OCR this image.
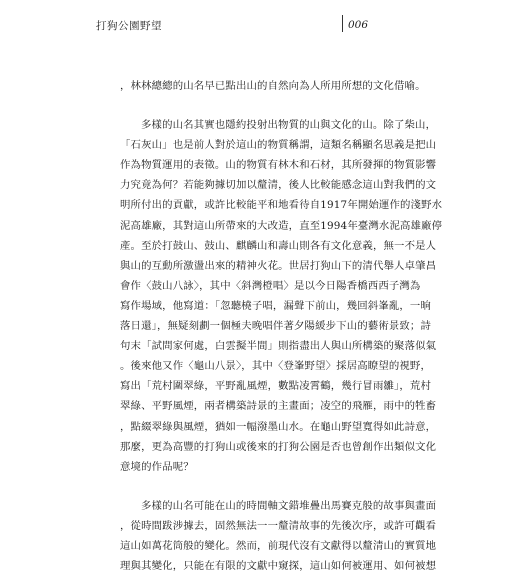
打狗公園野望	006
，林林總總的山名早已點出山的自然向為人所用所想的文化借喻。
多樣的山名其實也隱約投射出物質的山與文化的山。除了柴山，
「石灰山」也是前人對於這山的物質稱謂，這類名稱顯名思義是把山
作為物質運用的表徵。山的物質有林木和石材，其所發揮的物質影響
力究竟為何？若能夠據切加以釐清，後人比較能感念這山對我們的文
明所付出的貢獻，或許比較能平和地看待自1917年開始運作的淺野水
泥高雄廠，其對這山所帶來的大改造，直至1994年臺灣水泥高雄廠停
產。至於打鼓山、鼓山、麒麟山和壽山則各有文化意義，無一不是人
與山的互動所激盪出來的精神火花。世居打狗山下的清代舉人卓肇昌
會作〈鼓山八詠〉，其中〈斜灣橙唱〉是以今日陽香橋西西子灣為
寫作場域，他寫道：「忽聽橈子唱，漏聲下前山，幾回斜峯亂，一晌
落日還」，無疑刻劃一個極夫晚唱伴著夕陽緩步下山的藝術景致；詩
句末「試問家何處，白雲擬半間」則指盡出人與山所構築的聚落似氣
。後來他又作〈龜山八景〉，其中〈登峯野望〉採居高瞭望的視野，
寫出「荒村圍翠綠，平野亂風煙，數點凌霄鶴，幾行冒雨雛」，荒村
翠綠、平野風煙，兩者構築詩景的主畫面；凌空的飛雁，雨中的牲畜
，點綴翠綠與風煙，猶如一幅潑墨山水。在龜山野望寬得如此詩意，
那麼，更為高豐的打狗山或後來的打狗公園是否也曾創作出類似文化
意境的作品呢？
多樣的山名可能在山的時間軸文錯堆疊出馬賽克般的故事與畫面
，從時間跋涉據去，固然無法一一釐清故事的先後次序，或許可觀看
這山如萬花筒般的變化。然而，前現代沒有文獻得以釐清山的實質地
理與其變化，只能在有限的文獻中窺探，這山如何被運用、如何被想
